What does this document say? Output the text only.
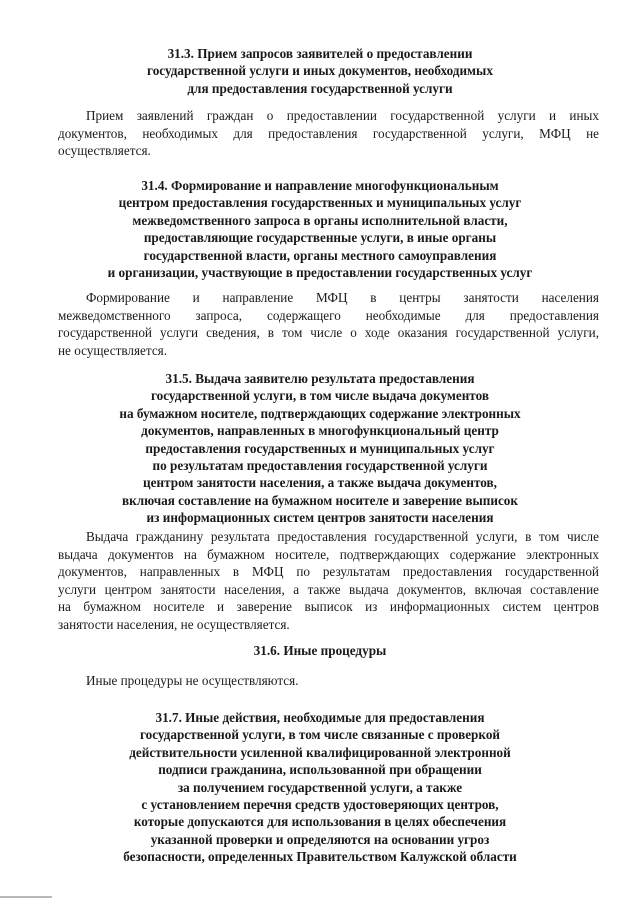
31.3. Прием запросов заявителей о предоставлении
государственной услуги и иных документов, необходимых
для предоставления государственной услуги
Прием заявлений граждан о предоставлении государственной услуги и иных
документов, необходимых для предоставления государственной услуги, МФЦ не
осуществляется.
31.4. Формирование и направление многофункциональным
центром предоставления государственных и муниципальных услуг
межведомственного запроса в органы исполнительной власти,
предоставляющие государственные услуги, в иные органы
государственной власти, органы местного самоуправления
и организации, участвующие в предоставлении государственных услуг
Формирование и направление МФЦ в центры занятости населения
межведомственного запроса, содержащего необходимые для предоставления
государственной услуги сведения, в том числе о ходе оказания государственной услуги,
не осуществляется.
31.5. Выдача заявителю результата предоставления
государственной услуги, в том числе выдача документов
на бумажном носителе, подтверждающих содержание электронных
документов, направленных в многофункциональный центр
предоставления государственных и муниципальных услуг
по результатам предоставления государственной услуги
центром занятости населения, а также выдача документов,
включая составление на бумажном носителе и заверение выписок
из информационных систем центров занятости населения
Выдача гражданину результата предоставления государственной услуги, в том числе
выдача документов на бумажном носителе, подтверждающих содержание электронных
документов, направленных в МФЦ по результатам предоставления государственной
услуги центром занятости населения, а также выдача документов, включая составление
на бумажном носителе и заверение выписок из информационных систем центров
занятости населения, не осуществляется.
31.6. Иные процедуры

Иные процедуры не осуществляются.

31.7. Иные действия, необходимые для предоставления
государственной услуги, в том числе связанные с проверкой
действительности усиленной квалифицированной электронной
подписи гражданина, использованной при обращении
за получением государственной услуги, а также
с установлением перечня средств удостоверяющих центров,
которые допускаются для использования в целях обеспечения
указанной проверки и определяются на основании угроз
безопасности, определенных Правительством Калужской области
